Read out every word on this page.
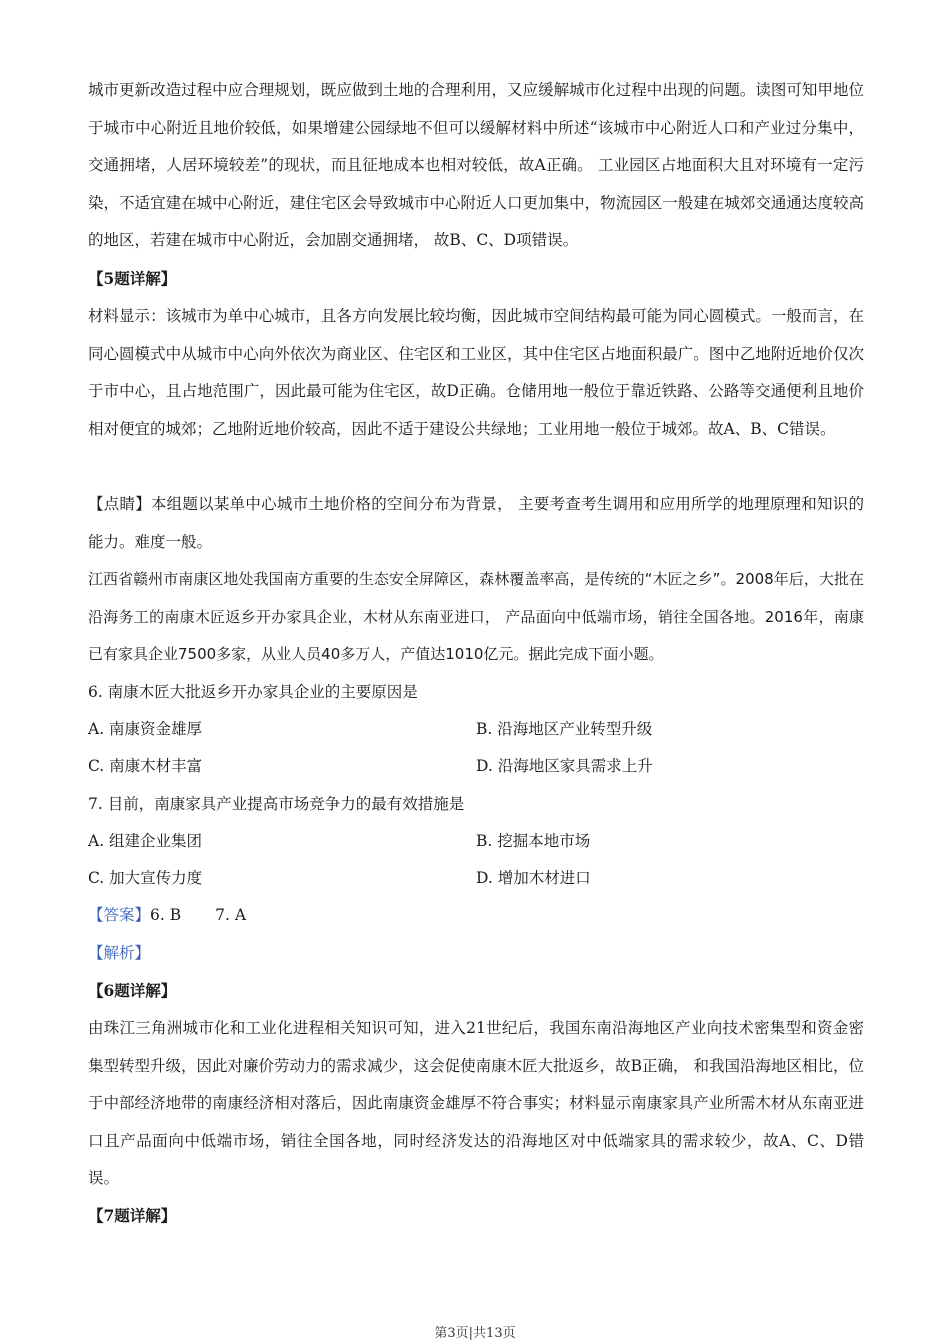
城市更新改造过程中应合理规划，既应做到土地的合理利用，又应缓解城市化过程中出现的问题。读图可知甲地位于城市中心附近且地价较低，如果增建公园绿地不但可以缓解材料中所述“该城市中心附近人口和产业过分集中，交通拥堵，人居环境较差”的现状，而且征地成本也相对较低，故A正确。 工业园区占地面积大且对环境有一定污染，不适宜建在城中心附近，建住宅区会导致城市中心附近人口更加集中，物流园区一般建在城郊交通通达度较高的地区，若建在城市中心附近，会加剧交通拥堵， 故B、C、D项错误。

【5题详解】

材料显示：该城市为单中心城市，且各方向发展比较均衡，因此城市空间结构最可能为同心圆模式。一般而言，在同心圆模式中从城市中心向外依次为商业区、住宅区和工业区，其中住宅区占地面积最广。图中乙地附近地价仅次于市中心，且占地范围广，因此最可能为住宅区，故D正确。仓储用地一般位于靠近铁路、公路等交通便利且地价相对便宜的城郊；乙地附近地价较高，因此不适于建设公共绿地；工业用地一般位于城郊。故A、B、C错误。

【点睛】本组题以某单中心城市土地价格的空间分布为背景， 主要考查考生调用和应用所学的地理原理和知识的能力。难度一般。

江西省赣州市南康区地处我国南方重要的生态安全屏障区，森林覆盖率高，是传统的“木匠之乡”。2008年后，大批在沿海务工的南康木匠返乡开办家具企业，木材从东南亚进口， 产品面向中低端市场，销往全国各地。2016年，南康已有家具企业7500多家，从业人员40多万人，产值达1010亿元。据此完成下面小题。

6. 南康木匠大批返乡开办家具企业的主要原因是

A. 南康资金雄厚	B. 沿海地区产业转型升级

C. 南康木材丰富	D. 沿海地区家具需求上升

7. 目前，南康家具产业提高市场竞争力的最有效措施是

A. 组建企业集团	B. 挖掘本地市场

C. 加大宣传力度	D. 增加木材进口

【答案】6. B 7. A

【解析】

【6题详解】

由珠江三角洲城市化和工业化进程相关知识可知，进入21世纪后，我国东南沿海地区产业向技术密集型和资金密集型转型升级，因此对廉价劳动力的需求减少，这会促使南康木匠大批返乡，故B正确， 和我国沿海地区相比，位于中部经济地带的南康经济相对落后，因此南康资金雄厚不符合事实；材料显示南康家具产业所需木材从东南亚进口且产品面向中低端市场，销往全国各地，同时经济发达的沿海地区对中低端家具的需求较少，故A、C、D错误。

【7题详解】

第3页|共13页
